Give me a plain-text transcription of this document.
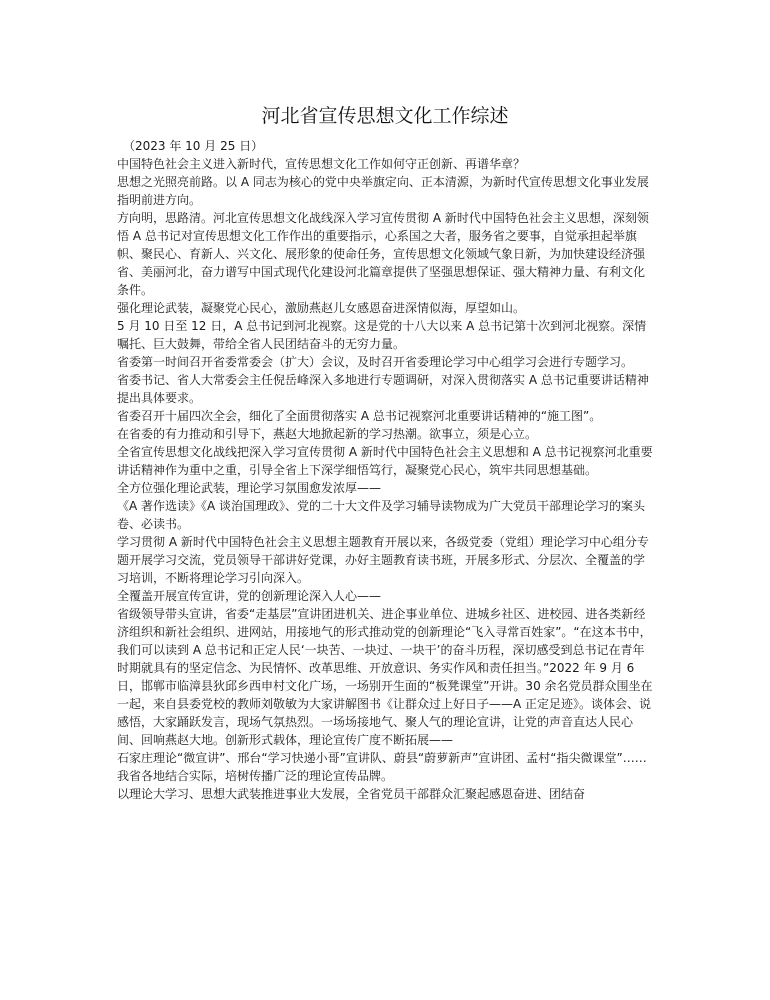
河北省宣传思想文化工作综述

（2023 年 10 月 25 日）

中国特色社会主义进入新时代，宣传思想文化工作如何守正创新、再谱华章？

思想之光照亮前路。以 A 同志为核心的党中央举旗定向、正本清源，为新时代宣传思想文化事业发展指明前进方向。

方向明，思路清。河北宣传思想文化战线深入学习宣传贯彻 A 新时代中国特色社会主义思想，深刻领悟 A 总书记对宣传思想文化工作作出的重要指示，心系国之大者，服务省之要事，自觉承担起举旗帜、聚民心、育新人、兴文化、展形象的使命任务，宣传思想文化领域气象日新，为加快建设经济强省、美丽河北，奋力谱写中国式现代化建设河北篇章提供了坚强思想保证、强大精神力量、有利文化条件。

强化理论武装，凝聚党心民心，激励燕赵儿女感恩奋进深情似海，厚望如山。

5 月 10 日至 12 日，A 总书记到河北视察。这是党的十八大以来 A 总书记第十次到河北视察。深情嘱托、巨大鼓舞，带给全省人民团结奋斗的无穷力量。

省委第一时间召开省委常委会（扩大）会议，及时召开省委理论学习中心组学习会进行专题学习。

省委书记、省人大常委会主任倪岳峰深入多地进行专题调研，对深入贯彻落实 A 总书记重要讲话精神提出具体要求。

省委召开十届四次全会，细化了全面贯彻落实 A 总书记视察河北重要讲话精神的“施工图”。

在省委的有力推动和引导下，燕赵大地掀起新的学习热潮。欲事立，须是心立。

全省宣传思想文化战线把深入学习宣传贯彻 A 新时代中国特色社会主义思想和 A 总书记视察河北重要讲话精神作为重中之重，引导全省上下深学细悟笃行，凝聚党心民心，筑牢共同思想基础。

全方位强化理论武装，理论学习氛围愈发浓厚——

《A 著作选读》《A 谈治国理政》、党的二十大文件及学习辅导读物成为广大党员干部理论学习的案头卷、必读书。

学习贯彻 A 新时代中国特色社会主义思想主题教育开展以来，各级党委（党组）理论学习中心组分专题开展学习交流，党员领导干部讲好党课，办好主题教育读书班，开展多形式、分层次、全覆盖的学习培训，不断将理论学习引向深入。

全覆盖开展宣传宣讲，党的创新理论深入人心——

省级领导带头宣讲，省委“走基层”宣讲团进机关、进企事业单位、进城乡社区、进校园、进各类新经济组织和新社会组织、进网站，用接地气的形式推动党的创新理论“飞入寻常百姓家”。“在这本书中，我们可以读到 A 总书记和正定人民‘一块苦、一块过、一块干’的奋斗历程，深切感受到总书记在青年时期就具有的坚定信念、为民情怀、改革思维、开放意识、务实作风和责任担当。”2022 年 9 月 6 日，邯郸市临漳县狄邱乡西申村文化广场，一场别开生面的“板凳课堂”开讲。30 余名党员群众围坐在一起，来自县委党校的教师刘敬敏为大家讲解图书《让群众过上好日子——A 正定足迹》。谈体会、说感悟，大家踊跃发言，现场气氛热烈。一场场接地气、聚人气的理论宣讲，让党的声音直达人民心间、回响燕赵大地。创新形式载体，理论宣传广度不断拓展——

石家庄理论“微宣讲”、邢台“学习快递小哥”宣讲队、蔚县“蔚萝新声”宣讲团、孟村“指尖微课堂”……我省各地结合实际，培树传播广泛的理论宣传品牌。

以理论大学习、思想大武装推进事业大发展，全省党员干部群众汇聚起感恩奋进、团结奋
